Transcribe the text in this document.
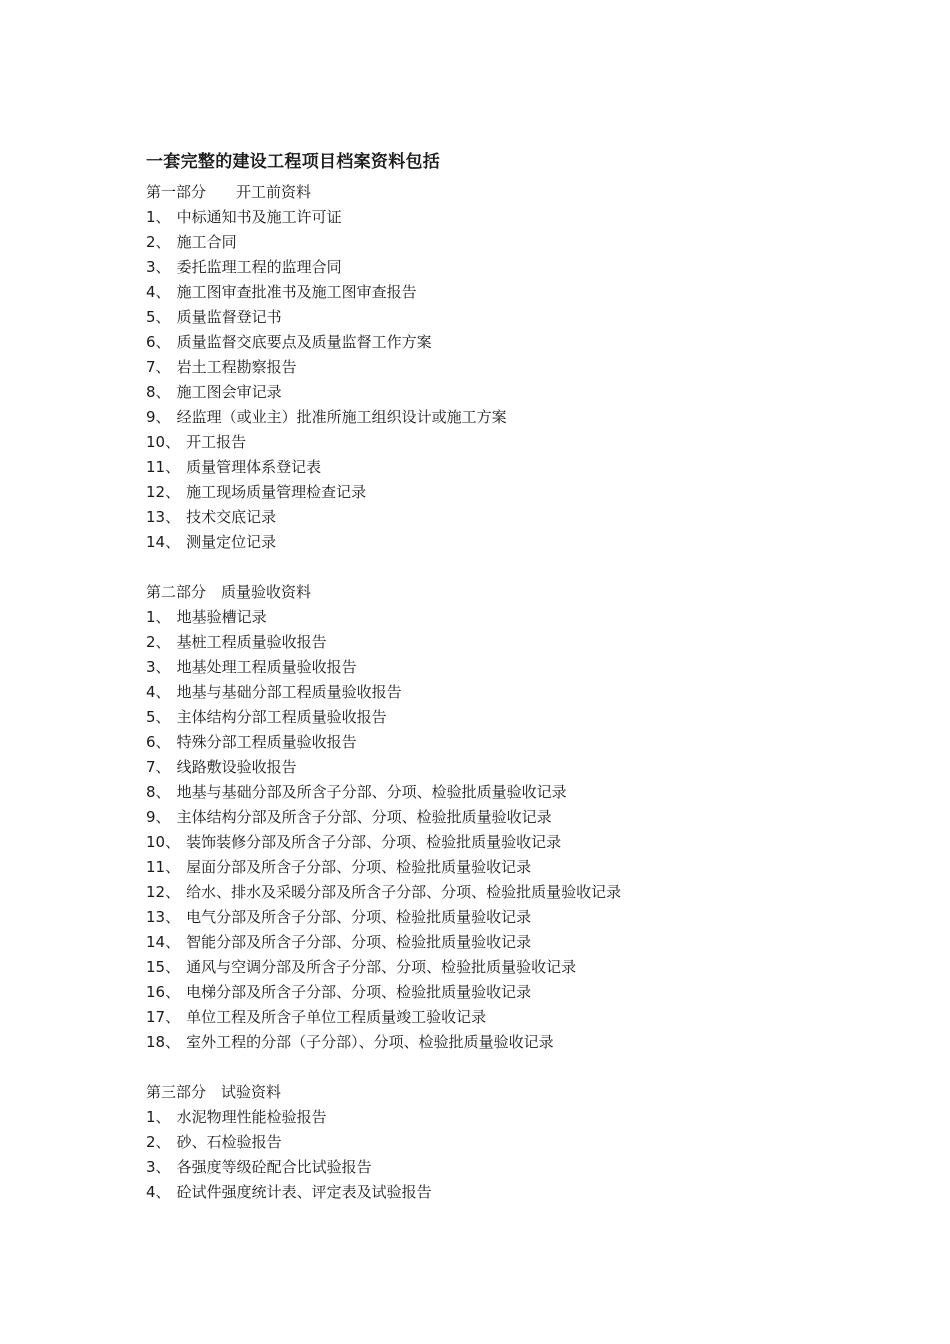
一套完整的建设工程项目档案资料包括
第一部分　　开工前资料
1 、 中标通知书及施工许可证
2 、 施工合同
3 、 委托监理工程的监理合同
4 、 施工图审查批准书及施工图审查报告
5 、 质量监督登记书
6 、 质量监督交底要点及质量监督工作方案
7 、 岩土工程勘察报告
8 、 施工图会审记录
9 、 经监理（或业主）批准所施工组织设计或施工方案
10 、 开工报告
11 、 质量管理体系登记表
12 、 施工现场质量管理检查记录
13 、 技术交底记录
14 、 测量定位记录
第二部分　质量验收资料
1 、 地基验槽记录
2 、 基桩工程质量验收报告
3 、 地基处理工程质量验收报告
4 、 地基与基础分部工程质量验收报告
5 、 主体结构分部工程质量验收报告
6 、 特殊分部工程质量验收报告
7 、 线路敷设验收报告
8 、 地基与基础分部及所含子分部、分项、检验批质量验收记录
9 、 主体结构分部及所含子分部、分项、检验批质量验收记录
10 、 装饰装修分部及所含子分部、分项、检验批质量验收记录
11 、 屋面分部及所含子分部、分项、检验批质量验收记录
12 、 给水、排水及采暖分部及所含子分部、分项、检验批质量验收记录
13 、 电气分部及所含子分部、分项、检验批质量验收记录
14 、 智能分部及所含子分部、分项、检验批质量验收记录
15 、 通风与空调分部及所含子分部、分项、检验批质量验收记录
16 、 电梯分部及所含子分部、分项、检验批质量验收记录
17 、 单位工程及所含子单位工程质量竣工验收记录
18 、 室外工程的分部（子分部）、分项、检验批质量验收记录
第三部分　试验资料
1 、 水泥物理性能检验报告
2 、 砂、石检验报告
3 、 各强度等级砼配合比试验报告
4 、 砼试件强度统计表、评定表及试验报告
